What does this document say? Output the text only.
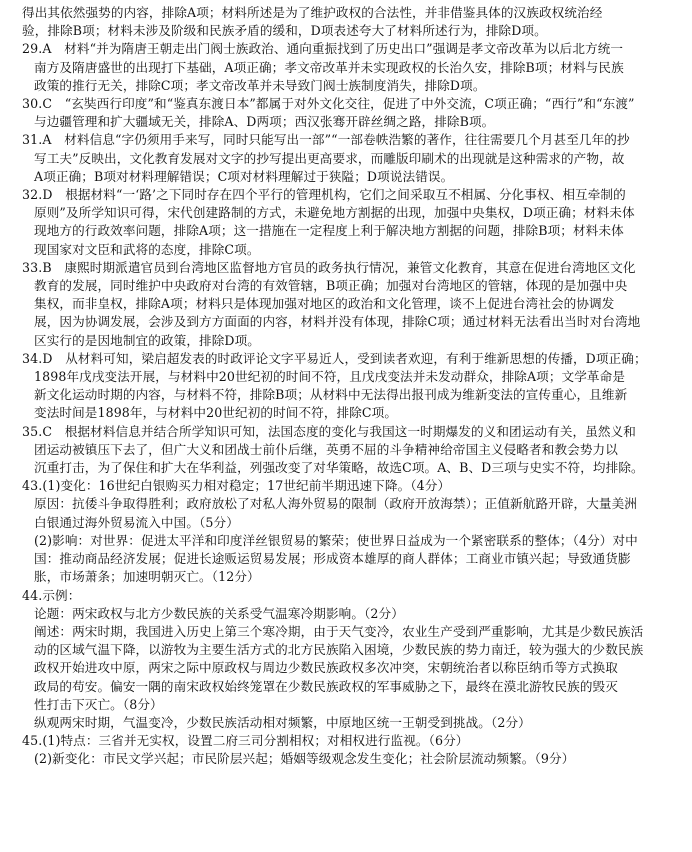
得出其依然强势的内容，排除A项；材料所述是为了维护政权的合法性，并非借鉴具体的汉族政权统治经
验，排除B项；材料未涉及阶级和民族矛盾的缓和，D项表述夸大了材料所述行为，排除D项。
29.A　材料“并为隋唐王朝走出门阀士族政治、通向重振找到了历史出口”强调是孝文帝改革为以后北方统一
南方及隋唐盛世的出现打下基础，A项正确；孝文帝改革并未实现政权的长治久安，排除B项；材料与民族
政策的推行无关，排除C项；孝文帝改革并未导致门阀士族制度消失，排除D项。
30.C　“玄奘西行印度”和“鉴真东渡日本”都属于对外文化交往，促进了中外交流，C项正确；“西行”和“东渡”
与边疆管理和扩大疆域无关，排除A、D两项；西汉张骞开辟丝绸之路，排除B项。
31.A　材料信息“字仍须用手来写，同时只能写出一部”“一部卷帙浩繁的著作，往往需要几个月甚至几年的抄
写工夫”反映出，文化教育发展对文字的抄写提出更高要求，而雕版印刷术的出现就是这种需求的产物，故
A项正确；B项对材料理解错误；C项对材料理解过于狭隘；D项说法错误。
32.D　根据材料“一‘路’之下同时存在四个平行的管理机构，它们之间采取互不相属、分化事权、相互牵制的
原则”及所学知识可得，宋代创建路制的方式，未避免地方割据的出现，加强中央集权，D项正确；材料未体
现地方的行政效率问题，排除A项；这一措施在一定程度上利于解决地方割据的问题，排除B项；材料未体
现国家对文臣和武将的态度，排除C项。
33.B　康熙时期派遣官员到台湾地区监督地方官员的政务执行情况，兼管文化教育，其意在促进台湾地区文化
教育的发展，同时维护中央政府对台湾的有效管辖，B项正确；加强对台湾地区的管辖，体现的是加强中央
集权，而非皇权，排除A项；材料只是体现加强对地区的政治和文化管理，谈不上促进台湾社会的协调发
展，因为协调发展，会涉及到方方面面的内容，材料并没有体现，排除C项；通过材料无法看出当时对台湾地
区实行的是因地制宜的政策，排除D项。
34.D　从材料可知，梁启超发表的时政评论文字平易近人，受到读者欢迎，有利于维新思想的传播，D项正确；
1898年戊戌变法开展，与材料中20世纪初的时间不符，且戊戌变法并未发动群众，排除A项；文学革命是
新文化运动时期的内容，与材料不符，排除B项；从材料中无法得出报刊成为维新变法的宣传重心，且维新
变法时间是1898年，与材料中20世纪初的时间不符，排除C项。
35.C　根据材料信息并结合所学知识可知，法国态度的变化与我国这一时期爆发的义和团运动有关，虽然义和
团运动被镇压下去了，但广大义和团战士前仆后继，英勇不屈的斗争精神给帝国主义侵略者和教会势力以
沉重打击，为了保住和扩大在华利益，列强改变了对华策略，故选C项。A、B、D三项与史实不符，均排除。
43.(1)变化：16世纪白银购买力相对稳定；17世纪前半期迅速下降。（4分）
原因：抗倭斗争取得胜利；政府放松了对私人海外贸易的限制（政府开放海禁）；正值新航路开辟，大量美洲
白银通过海外贸易流入中国。（5分）
(2)影响：对世界：促进太平洋和印度洋丝银贸易的繁荣；使世界日益成为一个紧密联系的整体；（4分）对中
国：推动商品经济发展；促进长途贩运贸易发展；形成资本雄厚的商人群体；工商业市镇兴起；导致通货膨
胀，市场萧条；加速明朝灭亡。（12分）
44.示例：
论题：两宋政权与北方少数民族的关系受气温寒冷期影响。（2分）
阐述：两宋时期，我国进入历史上第三个寒冷期，由于天气变冷，农业生产受到严重影响，尤其是少数民族活
动的区域气温下降，以游牧为主要生活方式的北方民族陷入困境，少数民族的势力南迁，较为强大的少数民族
政权开始进攻中原，两宋之际中原政权与周边少数民族政权多次冲突，宋朝统治者以称臣纳币等方式换取
政局的苟安。偏安一隅的南宋政权始终笼罩在少数民族政权的军事威胁之下，最终在漠北游牧民族的毁灭
性打击下灭亡。（8分）
纵观两宋时期，气温变冷，少数民族活动相对频繁，中原地区统一王朝受到挑战。（2分）
45.(1)特点：三省并无实权，设置二府三司分割相权；对相权进行监视。（6分）
(2)新变化：市民文学兴起；市民阶层兴起；婚姻等级观念发生变化；社会阶层流动频繁。（9分）
